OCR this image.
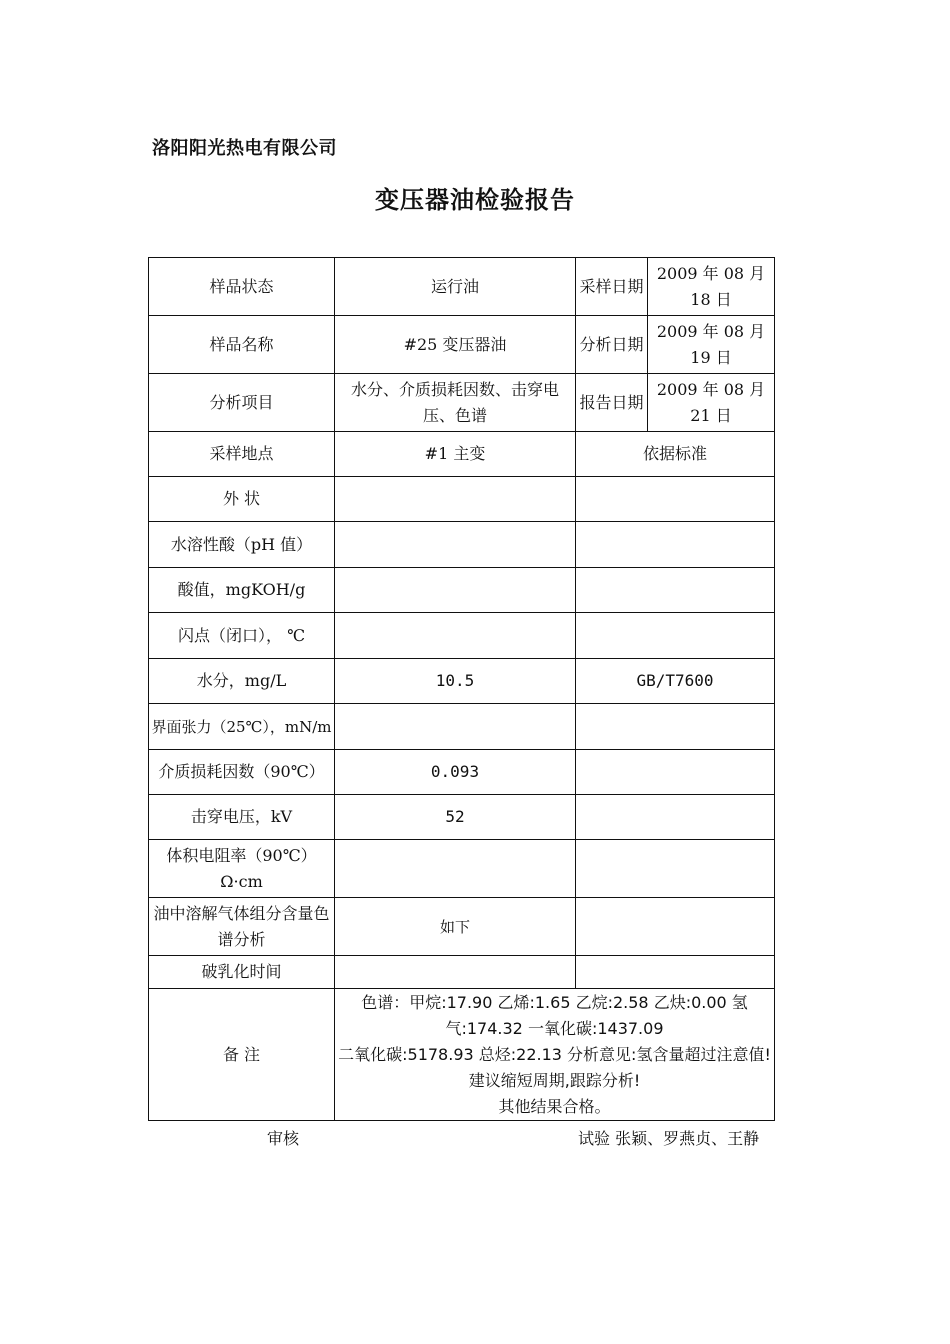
洛阳阳光热电有限公司
变压器油检验报告
样品状态	运行油	采样日期	2009 年 08 月 18 日
样品名称	#25 变压器油	分析日期	2009 年 08 月 19 日
分析项目	水分、介质损耗因数、击穿电压、色谱	报告日期	2009 年 08 月 21 日
采样地点	#1 主变	依据标准	
外 状			
水溶性酸（pH 值）			
酸值，mgKOH/g			
闪点（闭口）， ℃			
水分，mg/L	10.5	GB/T7600	
界面张力（25℃），mN/m			
介质损耗因数（90℃）	0.093		
击穿电压，kV	52		
体积电阻率（90℃） Ω·cm			
油中溶解气体组分含量色谱分析	如下		
破乳化时间			
备 注	色谱：甲烷:17.90 乙烯:1.65 乙烷:2.58 乙炔:0.00 氢
气:174.32 一氧化碳:1437.09
二氧化碳:5178.93 总烃:22.13 分析意见:氢含量超过注意值!
建议缩短周期,跟踪分析!
其他结果合格。		
审核	试验 张颖、罗燕贞、王静
